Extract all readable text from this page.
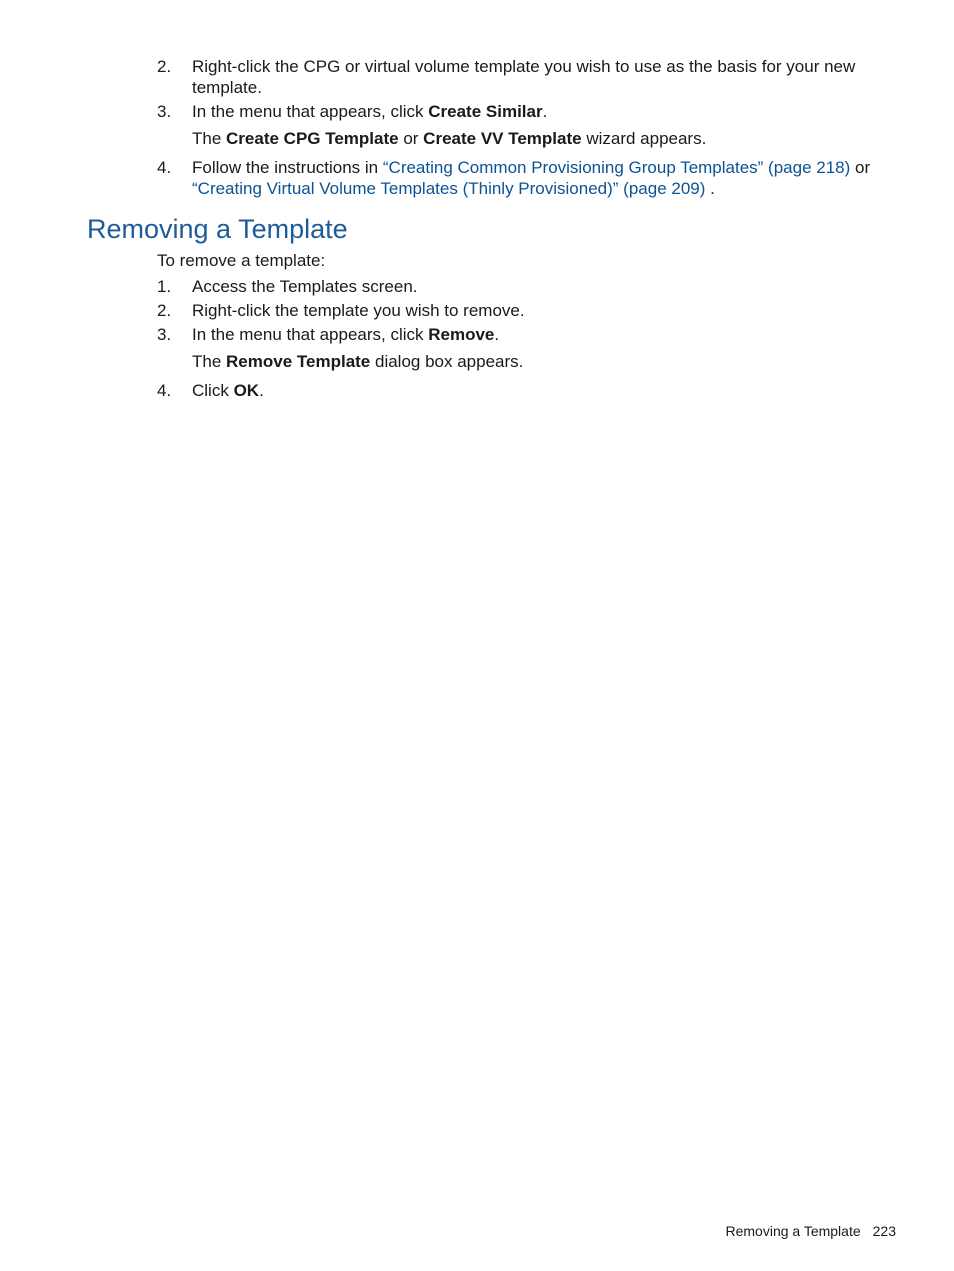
2. Right-click the CPG or virtual volume template you wish to use as the basis for your new
template.
3. In the menu that appears, click Create Similar.
The Create CPG Template or Create VV Template wizard appears.
4. Follow the instructions in “Creating Common Provisioning Group Templates” (page 218) or
“Creating Virtual Volume Templates (Thinly Provisioned)” (page 209) .
Removing a Template
To remove a template:
1. Access the Templates screen.
2. Right-click the template you wish to remove.
3. In the menu that appears, click Remove.
The Remove Template dialog box appears.
4. Click OK.
Removing a Template 223
